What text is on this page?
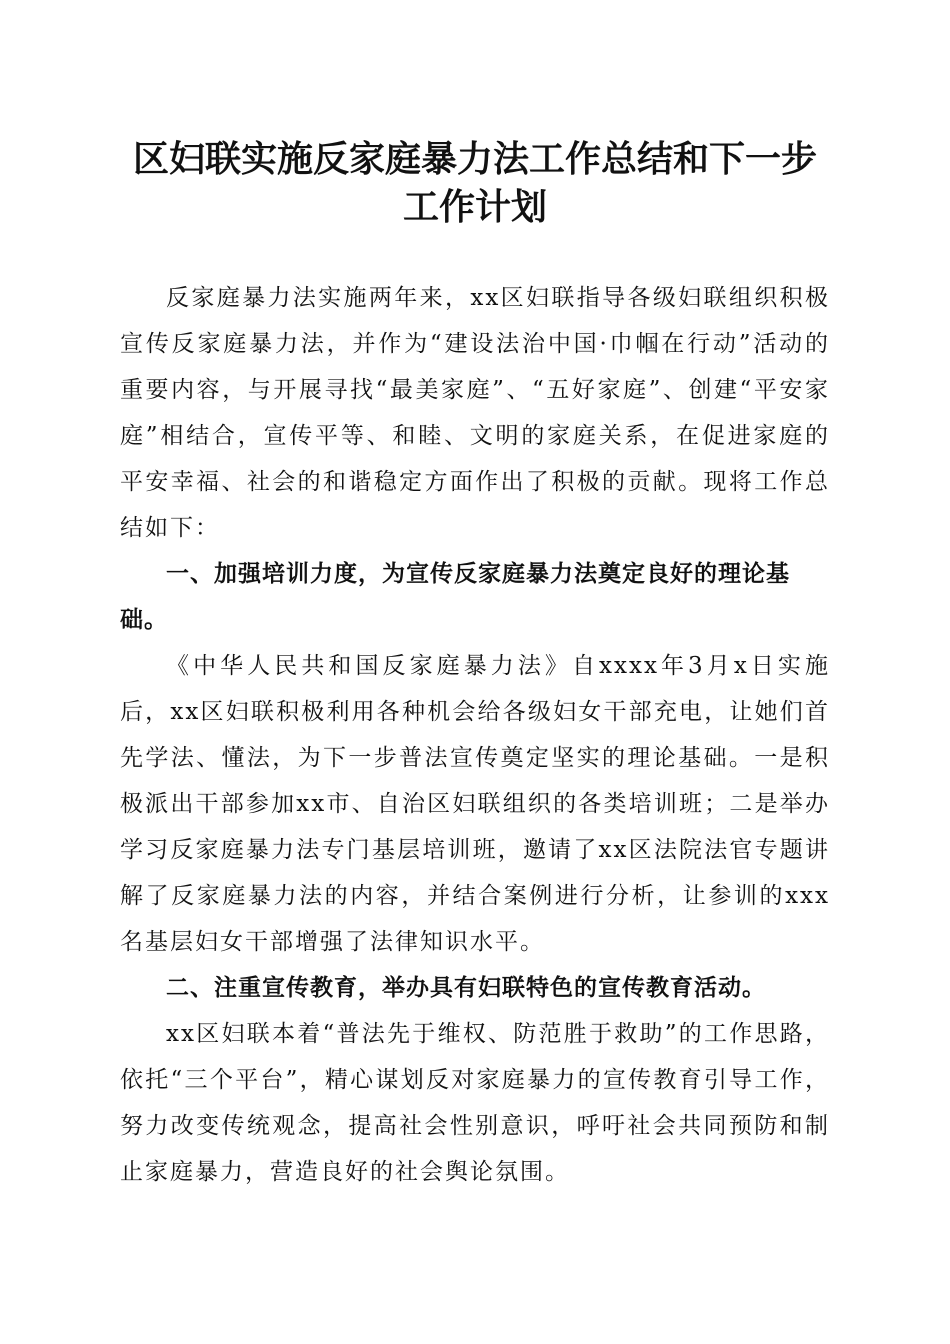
区妇联实施反家庭暴力法工作总结和下一步工作计划

反家庭暴力法实施两年来，xx区妇联指导各级妇联组织积极宣传反家庭暴力法，并作为“建设法治中国·巾帼在行动”活动的重要内容，与开展寻找“最美家庭”、“五好家庭”、创建“平安家庭”相结合，宣传平等、和睦、文明的家庭关系，在促进家庭的平安幸福、社会的和谐稳定方面作出了积极的贡献。现将工作总结如下：

一、加强培训力度，为宣传反家庭暴力法奠定良好的理论基础。

《中华人民共和国反家庭暴力法》自xxxx年3月x日实施后，xx区妇联积极利用各种机会给各级妇女干部充电，让她们首先学法、懂法，为下一步普法宣传奠定坚实的理论基础。一是积极派出干部参加xx市、自治区妇联组织的各类培训班；二是举办学习反家庭暴力法专门基层培训班，邀请了xx区法院法官专题讲解了反家庭暴力法的内容，并结合案例进行分析，让参训的xxx名基层妇女干部增强了法律知识水平。

二、注重宣传教育，举办具有妇联特色的宣传教育活动。

xx区妇联本着“普法先于维权、防范胜于救助”的工作思路，依托“三个平台”，精心谋划反对家庭暴力的宣传教育引导工作，努力改变传统观念，提高社会性别意识，呼吁社会共同预防和制止家庭暴力，营造良好的社会舆论氛围。
